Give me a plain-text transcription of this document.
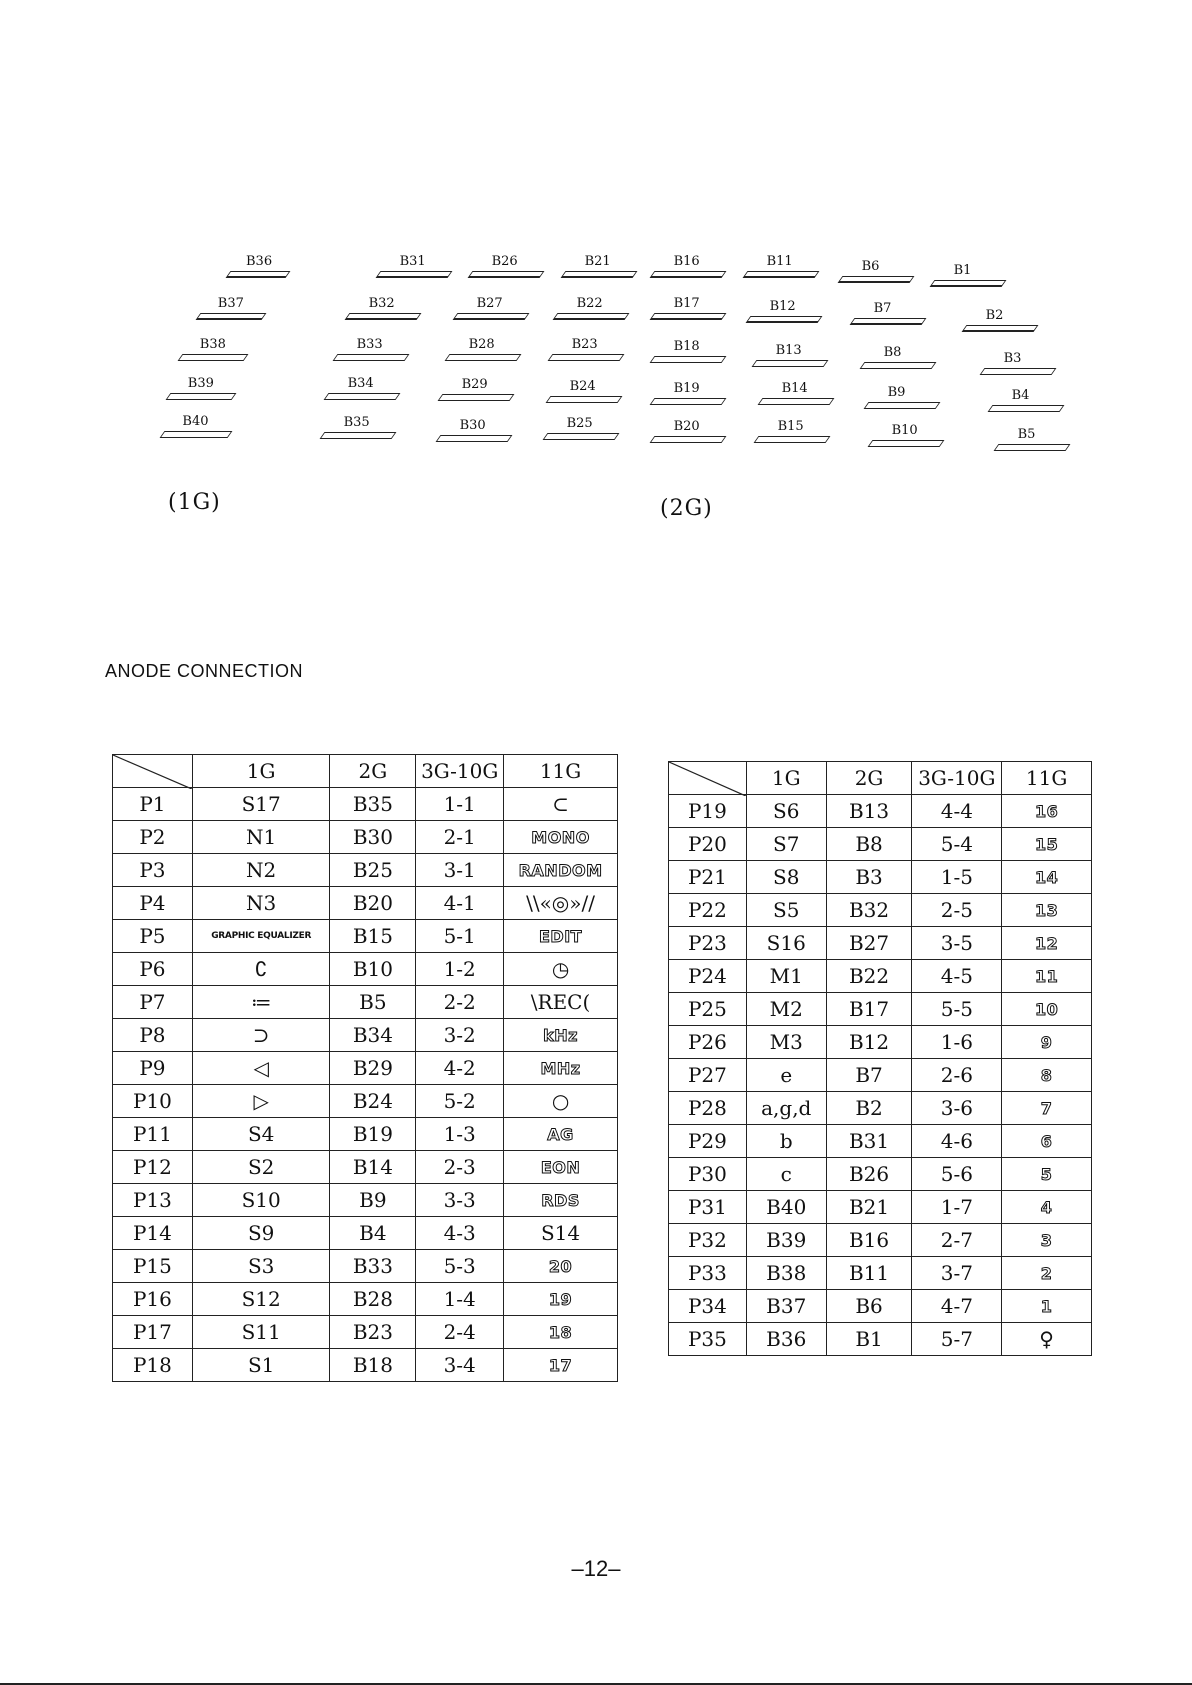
B36
B37
B38
B39
B40
B31
B32
B33
B34
B35
B26
B27
B28
B29
B30
B21
B22
B23
B24
B25
B16
B17
B18
B19
B20
B11
B12
B13
B14
B15
B6
B7
B8
B9
B10
B1
B2
B3
B4
B5
(1G)	(2G)
ANODE CONNECTION
	1G	2G	3G-10G	11G
P1	S17	B35	1-1	⊂
P2	N1	B30	2-1	MONO
P3	N2	B25	3-1	RANDOM
P4	N3	B20	4-1	\\«◎»//
P5	GRAPHIC EQUALIZER	B15	5-1	EDIT
P6	∁	B10	1-2	◷
P7	≔	B5	2-2	\REC(
P8	⊃	B34	3-2	kHz
P9	◁	B29	4-2	MHz
P10	▷	B24	5-2	○
P11	S4	B19	1-3	AG
P12	S2	B14	2-3	EON
P13	S10	B9	3-3	RDS
P14	S9	B4	4-3	S14
P15	S3	B33	5-3	20
P16	S12	B28	1-4	19
P17	S11	B23	2-4	18
P18	S1	B18	3-4	17
	1G	2G	3G-10G	11G
P19	S6	B13	4-4	16
P20	S7	B8	5-4	15
P21	S8	B3	1-5	14
P22	S5	B32	2-5	13
P23	S16	B27	3-5	12
P24	M1	B22	4-5	11
P25	M2	B17	5-5	10
P26	M3	B12	1-6	9
P27	e	B7	2-6	8
P28	a,g,d	B2	3-6	7
P29	b	B31	4-6	6
P30	c	B26	5-6	5
P31	B40	B21	1-7	4
P32	B39	B16	2-7	3
P33	B38	B11	3-7	2
P34	B37	B6	4-7	1
P35	B36	B1	5-7	♀
–12–
